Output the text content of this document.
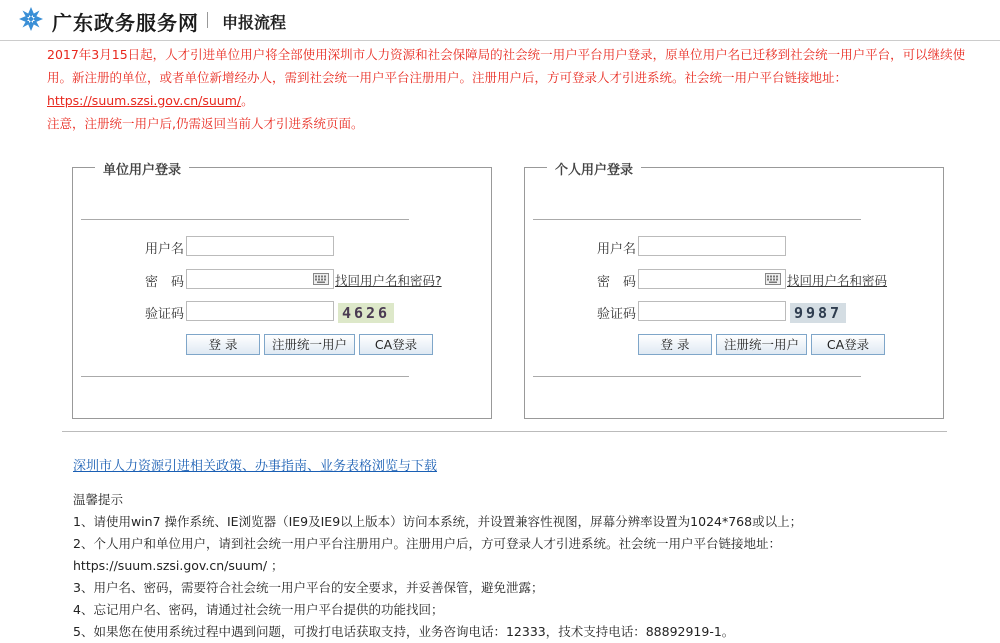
广东政务服务网 申报流程
2017年3月15日起，人才引进单位用户将全部使用深圳市人力资源和社会保障局的社会统一用户平台用户登录，原单位用户名已迁移到社会统一用户平台，可以继续使用。新注册的单位，或者单位新增经办人，需到社会统一用户平台注册用户。注册用户后，方可登录人才引进系统。社会统一用户平台链接地址：
https://suum.szsi.gov.cn/suum/。
注意，注册统一用户后,仍需返回当前人才引进系统页面。
单位用户登录
用户名
密　码	找回用户名和密码?
验证码	4626
登 录	注册统一用户	CA登录
个人用户登录
用户名
密　码	找回用户名和密码
验证码	9987
登 录	注册统一用户	CA登录
深圳市人力资源引进相关政策、办事指南、业务表格浏览与下载
温馨提示
1、请使用win7 操作系统、IE浏览器（IE9及IE9以上版本）访问本系统，并设置兼容性视图，屏幕分辨率设置为1024*768或以上；
2、个人用户和单位用户，请到社会统一用户平台注册用户。注册用户后，方可登录人才引进系统。社会统一用户平台链接地址：
https://suum.szsi.gov.cn/suum/ ；
3、用户名、密码，需要符合社会统一用户平台的安全要求，并妥善保管，避免泄露；
4、忘记用户名、密码，请通过社会统一用户平台提供的功能找回；
5、如果您在使用系统过程中遇到问题，可拨打电话获取支持，业务咨询电话：12333，技术支持电话：88892919-1。
